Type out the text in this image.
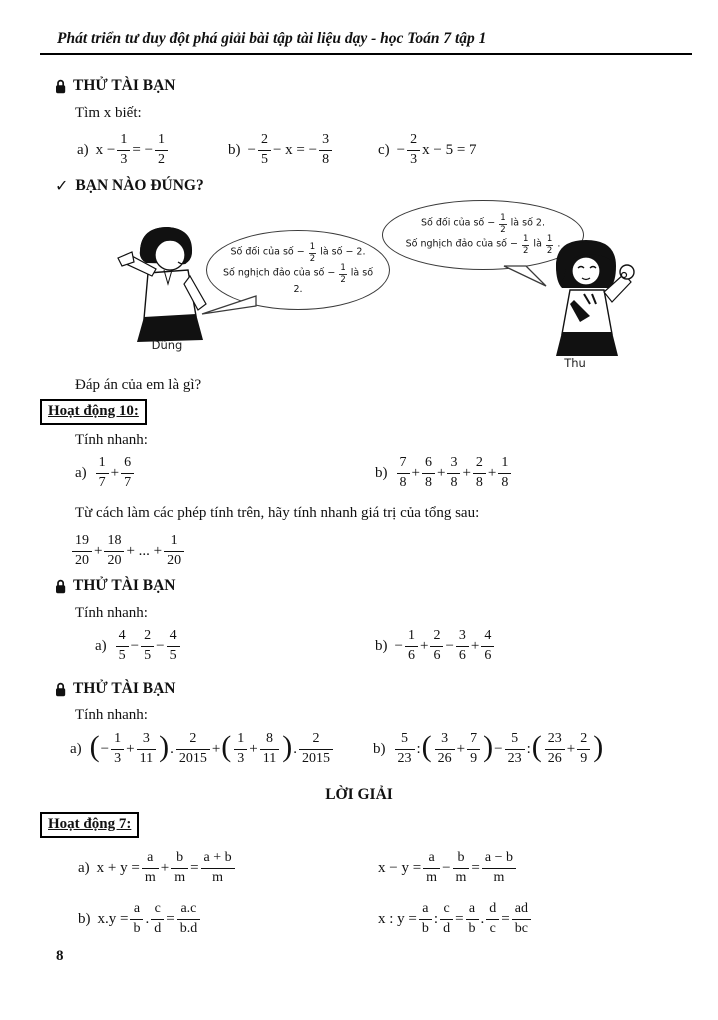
Phát triển tư duy đột phá giải bài tập tài liệu dạy - học Toán 7 tập 1
THỬ TÀI BẠN
Tìm x biết:
a) $x - \frac{1}{3}$ = − $\frac{1}{2}$	$b) - \frac{2}{5} - x$ = − $\frac{3}{8}$	$c) - \frac{2}{3}$ x − 5 = 7
✓ BẠN NÀO ĐÚNG?
Dũng
Số đối của số − $\frac{1}{2}$ là số − 2.
Số nghịch đảo của số − $\frac{1}{2}$ là số 2.
Số đối của số − $\frac{1}{2}$ là số 2.
Số nghịch đảo của số − $\frac{1}{2}$ là $\frac{1}{2}$ .
Thu
Đáp án của em là gì?
Hoạt động 10:
Tính nhanh:
$a) \frac{1}{7} + \frac{6}{7}$	$b) \frac{7}{8} + \frac{6}{8} + \frac{3}{8} + \frac{2}{8} + \frac{1}{8}$
Từ cách làm các phép tính trên, hãy tính nhanh giá trị của tổng sau:
$\frac{19}{20} + \frac{18}{20}$ + ... + $\frac{1}{20}$
THỬ TÀI BẠN
Tính nhanh:
$a) \frac{4}{5} - \frac{2}{5} - \frac{4}{5}$	$b) - \frac{1}{6} + \frac{2}{6} - \frac{3}{6} + \frac{4}{6}$
THỬ TÀI BẠN
Tính nhanh:
a) ( − $\frac{1}{3} + \frac{3}{11}$ ) . $\frac{2}{2015}$ + ( $\frac{1}{3} + \frac{8}{11}$ ) . $\frac{2}{2015}$	$b) \frac{5}{23}$ : ( $\frac{3}{26} + \frac{7}{9}$ ) − $\frac{5}{23}$ : ( $\frac{23}{26} + \frac{2}{9}$ )
LỜI GIẢI
Hoạt động 7:
a) $x + y = \frac{a}{m} + \frac{b}{m} = \frac{a + b}{m}$	$x - y = \frac{a}{m} - \frac{b}{m} = \frac{a - b}{m}$
b) $x.y = \frac{a}{b}$ . $\frac{c}{d} = \frac{a.c}{b.d}$	x : $y = \frac{a}{b}$ : $\frac{c}{d} = \frac{a}{b}$ . $\frac{d}{c} = \frac{ad}{bc}$
8
